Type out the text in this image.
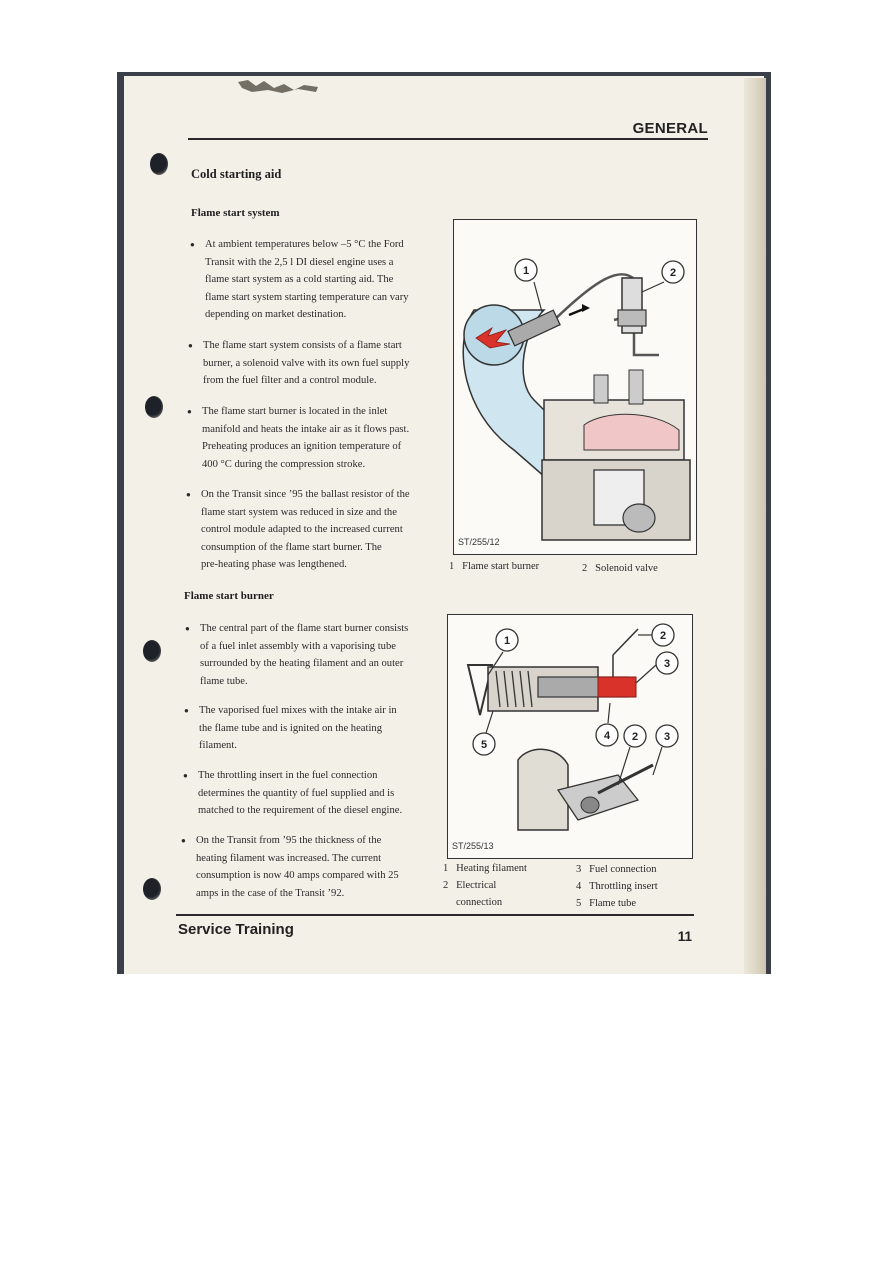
GENERAL
Cold starting aid
Flame start system
● At ambient temperatures below –5 °C the Ford
Transit with the 2,5 l DI diesel engine uses a
flame start system as a cold starting aid. The
flame start system starting temperature can vary
depending on market destination.
● The flame start system consists of a flame start
burner, a solenoid valve with its own fuel supply
from the fuel filter and a control module.
● The flame start burner is located in the inlet
manifold and heats the intake air as it flows past.
Preheating produces an ignition temperature of
400 °C during the compression stroke.
● On the Transit since ’95 the ballast resistor of the
flame start system was reduced in size and the
control module adapted to the increased current
consumption of the flame start burner. The
pre-heating phase was lengthened.
1	2
ST/255/12
1 Flame start burner	2 Solenoid valve
Flame start burner
● The central part of the flame start burner consists
of a fuel inlet assembly with a vaporising tube
surrounded by the heating filament and an outer
flame tube.
● The vaporised fuel mixes with the intake air in
the flame tube and is ignited on the heating
filament.
● The throttling insert in the fuel connection
determines the quantity of fuel supplied and is
matched to the requirement of the diesel engine.
● On the Transit from ’95 the thickness of the
heating filament was increased. The current
consumption is now 40 amps compared with 25
amps in the case of the Transit ’92.
1	2
3
4 2 3
5
ST/255/13
1 Heating filament
2 Electrical
connection
3 Fuel connection
4 Throttling insert
5 Flame tube
Service Training	11
